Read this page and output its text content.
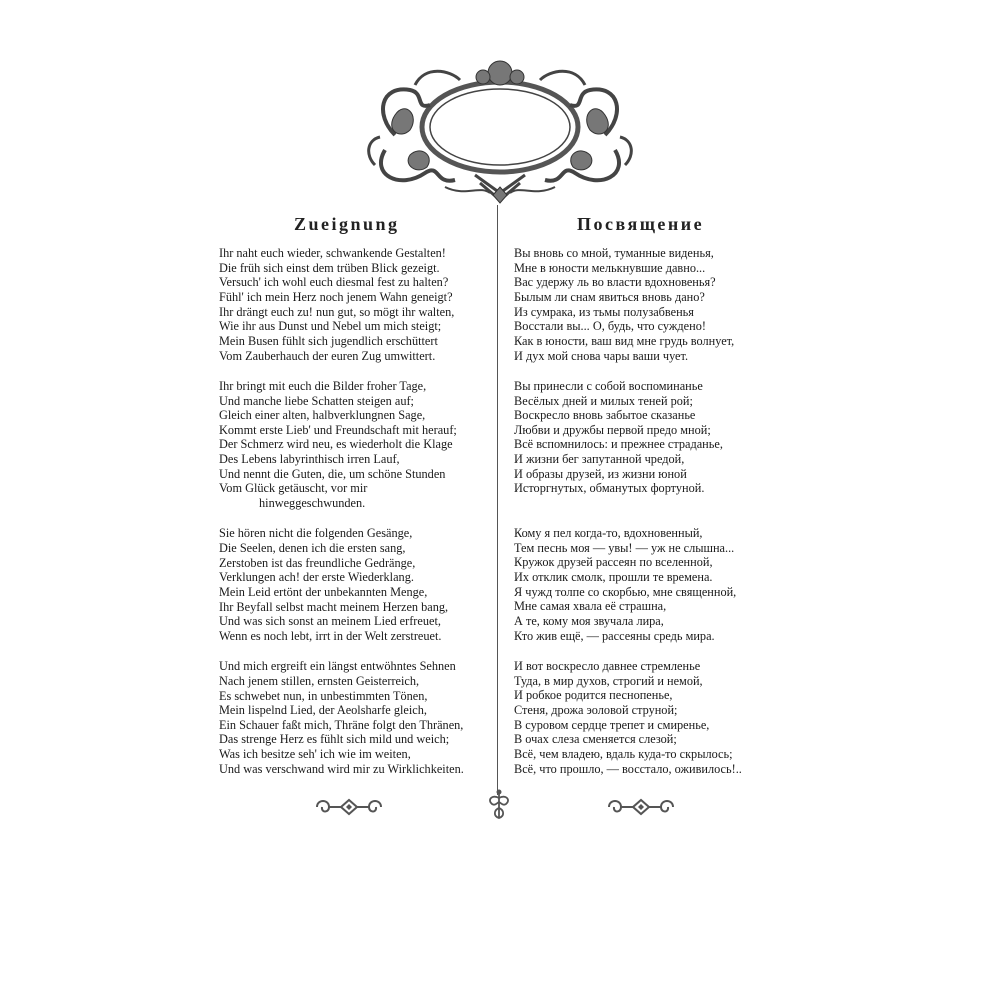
Zueignung	Посвящение
Ihr naht euch wieder, schwankende Gestalten!
Die früh sich einst dem trüben Blick gezeigt.
Versuch' ich wohl euch diesmal fest zu halten?
Fühl' ich mein Herz noch jenem Wahn geneigt?
Ihr drängt euch zu! nun gut, so mögt ihr walten,
Wie ihr aus Dunst und Nebel um mich steigt;
Mein Busen fühlt sich jugendlich erschüttert
Vom Zauberhauch der euren Zug umwittert.
Ihr bringt mit euch die Bilder froher Tage,
Und manche liebe Schatten steigen auf;
Gleich einer alten, halbverklungnen Sage,
Kommt erste Lieb' und Freundschaft mit herauf;
Der Schmerz wird neu, es wiederholt die Klage
Des Lebens labyrinthisch irren Lauf,
Und nennt die Guten, die, um schöne Stunden
Vom Glück getäuscht, vor mir
hinweggeschwunden.
Sie hören nicht die folgenden Gesänge,
Die Seelen, denen ich die ersten sang,
Zerstoben ist das freundliche Gedränge,
Verklungen ach! der erste Wiederklang.
Mein Leid ertönt der unbekannten Menge,
Ihr Beyfall selbst macht meinem Herzen bang,
Und was sich sonst an meinem Lied erfreuet,
Wenn es noch lebt, irrt in der Welt zerstreuet.
Und mich ergreift ein längst entwöhntes Sehnen
Nach jenem stillen, ernsten Geisterreich,
Es schwebet nun, in unbestimmten Tönen,
Mein lispelnd Lied, der Aeolsharfe gleich,
Ein Schauer faßt mich, Thräne folgt den Thränen,
Das strenge Herz es fühlt sich mild und weich;
Was ich besitze seh' ich wie im weiten,
Und was verschwand wird mir zu Wirklichkeiten.
Вы вновь со мной, туманные виденья,
Мне в юности мелькнувшие давно...
Вас удержу ль во власти вдохновенья?
Былым ли снам явиться вновь дано?
Из сумрака, из тьмы полузабвенья
Восстали вы... О, будь, что суждено!
Как в юности, ваш вид мне грудь волнует,
И дух мой снова чары ваши чует.
Вы принесли с собой воспоминанье
Весёлых дней и милых теней рой;
Воскресло вновь забытое сказанье
Любви и дружбы первой предо мной;
Всё вспомнилось: и прежнее страданье,
И жизни бег запутанной чредой,
И образы друзей, из жизни юной
Исторгнутых, обманутых фортуной.
Кому я пел когда-то, вдохновенный,
Тем песнь моя — увы! — уж не слышна...
Кружок друзей рассеян по вселенной,
Их отклик смолк, прошли те времена.
Я чужд толпе со скорбью, мне священной,
Мне самая хвала её страшна,
А те, кому моя звучала лира,
Кто жив ещё, — рассеяны средь мира.
И вот воскресло давнее стремленье
Туда, в мир духов, строгий и немой,
И робкое родится песнопенье,
Стеня, дрожа эоловой струной;
В суровом сердце трепет и смиренье,
В очах слеза сменяется слезой;
Всё, чем владею, вдаль куда-то скрылось;
Всё, что прошло, — восстало, оживилось!..
